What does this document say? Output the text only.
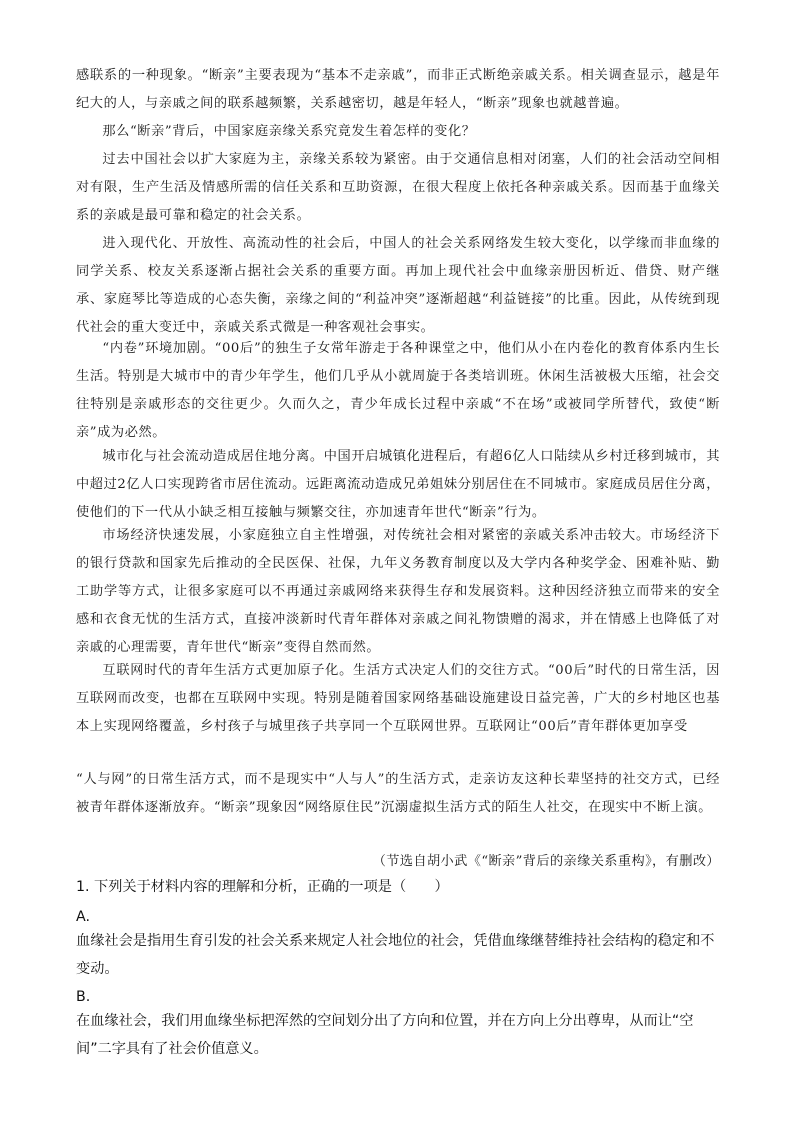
感联系的一种现象。“断亲”主要表现为“基本不走亲戚”，而非正式断绝亲戚关系。相关调查显示，越是年纪大的人，与亲戚之间的联系越频繁，关系越密切，越是年轻人，“断亲”现象也就越普遍。

那么“断亲”背后，中国家庭亲缘关系究竟发生着怎样的变化？

过去中国社会以扩大家庭为主，亲缘关系较为紧密。由于交通信息相对闭塞，人们的社会活动空间相对有限，生产生活及情感所需的信任关系和互助资源，在很大程度上依托各种亲戚关系。因而基于血缘关系的亲戚是最可靠和稳定的社会关系。

进入现代化、开放性、高流动性的社会后，中国人的社会关系网络发生较大变化，以学缘而非血缘的同学关系、校友关系逐渐占据社会关系的重要方面。再加上现代社会中血缘亲册因析近、借贷、财产继承、家庭琴比等造成的心态失衡，亲缘之间的“利益冲突”逐渐超越“利益链接”的比重。因此，从传统到现代社会的重大变迁中，亲戚关系式微是一种客观社会事实。

“内卷”环境加剧。“00后”的独生子女常年游走于各种课堂之中，他们从小在内卷化的教育体系内生长生活。特别是大城市中的青少年学生，他们几乎从小就周旋于各类培训班。休闲生活被极大压缩，社会交往特别是亲戚形态的交往更少。久而久之，青少年成长过程中亲戚“不在场”或被同学所替代，致使“断亲”成为必然。

城市化与社会流动造成居住地分离。中国开启城镇化进程后，有超6亿人口陆续从乡村迁移到城市，其中超过2亿人口实现跨省市居住流动。远距离流动造成兄弟姐妹分别居住在不同城市。家庭成员居住分离，使他们的下一代从小缺乏相互接触与频繁交往，亦加速青年世代“断亲”行为。

市场经济快速发展，小家庭独立自主性增强，对传统社会相对紧密的亲戚关系冲击较大。市场经济下的银行贷款和国家先后推动的全民医保、社保，九年义务教育制度以及大学内各种奖学金、困难补贴、勤工助学等方式，让很多家庭可以不再通过亲戚网络来获得生存和发展资料。这种因经济独立而带来的安全感和衣食无忧的生活方式，直接冲淡新时代青年群体对亲戚之间礼物馈赠的渴求，并在情感上也降低了对亲戚的心理需要，青年世代“断亲”变得自然而然。

互联网时代的青年生活方式更加原子化。生活方式决定人们的交往方式。“00后”时代的日常生活，因互联网而改变，也都在互联网中实现。特别是随着国家网络基础设施建设日益完善，广大的乡村地区也基本上实现网络覆盖，乡村孩子与城里孩子共享同一个互联网世界。互联网让“00后”青年群体更加享受

“人与网”的日常生活方式，而不是现实中“人与人”的生活方式，走亲访友这种长辈坚持的社交方式，已经被青年群体逐渐放弃。“断亲”现象因“网络原住民”沉溺虚拟生活方式的陌生人社交，在现实中不断上演。

（节选自胡小武《“断亲”背后的亲缘关系重构》，有删改）

1. 下列关于材料内容的理解和分析，正确的一项是（　　）

A.

血缘社会是指用生育引发的社会关系来规定人社会地位的社会，凭借血缘继替维持社会结构的稳定和不变动。

B.

在血缘社会，我们用血缘坐标把浑然的空间划分出了方向和位置，并在方向上分出尊卑，从而让“空间”二字具有了社会价值意义。
